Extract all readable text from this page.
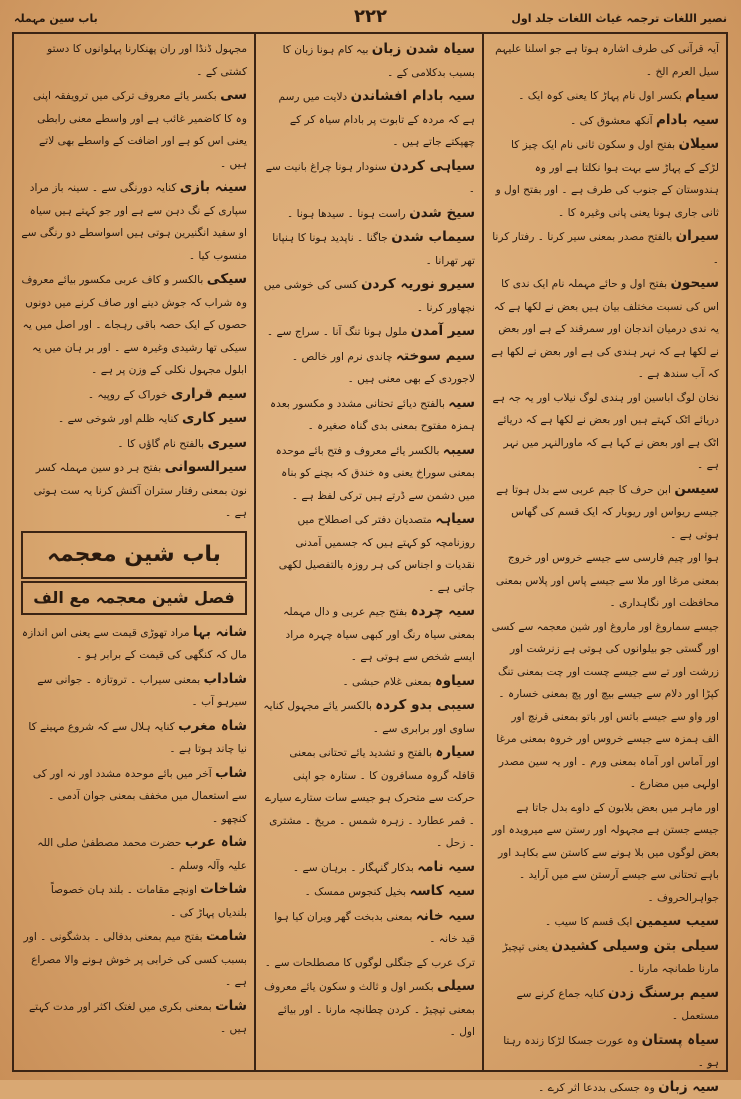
نصیر اللغات ترجمہ غیاث اللغات جلد اول
۲۲۲
باب سین مہملہ
آیہ قرآنی کی طرف اشارہ ہوتا ہے جو اسلنا علیہم سیل العرم الخ ۔
سیام بکسر اول نام پہاڑ کا یعنی کوہ ایک ۔
سیہ بادام آنکھ معشوق کی ۔
سیلان بفتح اول و سکون ثانی نام ایک چیز کا لڑکے کے پہاڑ سے بہت ہوا نکلتا ہے اور وہ ہندوستان کے جنوب کی طرف ہے ۔ اور بفتح اول و ثانی جاری ہونا یعنی پانی وغیرہ کا ۔
سیران بالفتح مصدر بمعنی سیر کرنا ۔ رفتار کرنا ۔
سیحون بفتح اول و حائے مہملہ نام ایک ندی کا اس کی نسبت مختلف بیان ہیں بعض نے لکھا ہے کہ یہ ندی درمیان اندجان اور سمرقند کے ہے اور بعض نے لکھا ہے کہ نہر ہندی کی ہے اور بعض نے لکھا ہے کہ آب سندھ ہے ۔
نخان لوگ اباسین اور ہندی لوگ نیلاب اور یہ جہ ہے دریائے اٹک کہتے ہیں اور بعض نے لکھا ہے کہ دریائے اٹک ہے اور بعض نے کہا ہے کہ ماورالنہر میں نہر ہے ۔
سیسن ابن حرف کا جیم عربی سے بدل ہوتا ہے جیسے ریواس اور ریوبار کہ ایک قسم کی گھاس ہوتی ہے ۔
ہوا اور چیم فارسی سے جیسے خروس اور خروج بمعنی مرغا اور ملا سے جیسے پاس اور پلاس بمعنی محافظت اور نگاہداری ۔
جیسے سماروغ اور ماروغ اور شین معجمہ سے کسی اور گستی جو بیلوانوں کی ہوتی ہے زنرشت اور زرشت اور تے سے جیسے چست اور چت بمعنی تنگ کپڑا اور دلام سے جیسے بیچ اور پچ بمعنی خسارہ ۔ اور واو سے جیسے باتس اور باتو بمعنی قرنچ اور الف ہمزہ سے جیسے خروس اور خروہ بمعنی مرغا اور آماس اور آماہ بمعنی ورم ۔ اور یہ سین مصدر اولہی میں مضارع ۔
اور ماہر میں بعض بلابون کے داوے بدل جاتا ہے جیسے جستن ہے مجہولہ اور رستن سے میرویدہ اور بعض لوگوں میں بلا ہونے سے کاستن سے بکاہد اور باہے تحتانی سے جیسے آرستن سے میں آراید ۔ جواہرالحروف ۔
سیب سیمین ایک قسم کا سیب ۔
سیلی بتن وسیلی کشیدن یعنی تپچیڑ مارنا طمانچہ مارنا ۔
سیم برسنگ زدن کنایہ جماع کرنے سے مستعمل ۔
سیاہ پستان وہ عورت جسکا لڑکا زندہ رہتا ہو ۔
سیہ زبان وہ جسکی بددعا اثر کرے ۔
سیاہ شدن زبان بیہ کام ہونا زبان کا بسبب بدکلامی کے ۔
سیہ بادام افشاندن دلایت میں رسم ہے کہ مردہ کے تابوت پر بادام سیاہ کر کے چھپکتے جاتے ہیں ۔
سیاہی کردن سنودار ہونا چراغ بانیت سے ۔
سیخ شدن راست ہونا ۔ سیدھا ہونا ۔
سیماب شدن جاگنا ۔ ناپدید ہونا کا ہنپانا تھر تھرانا ۔
سیرو نوریہ کردن کسی کی خوشی میں نچھاور کرنا ۔
سیر آمدن ملول ہونا تنگ آنا ۔ سراج سے ۔
سیم سوختہ چاندی نرم اور خالص ۔ لاجوردی کے بھی معنی ہیں ۔
سیہ بالفتح دیائے تحتانی مشدد و مکسور بعدہ ہمزہ مفتوح بمعنی بدی گناہ صغیرہ ۔
سیبہ بالکسر یائے معروف و فتح بائے موحدہ بمعنی سوراخ یعنی وہ خندق کہ بچنے کو بناہ میں دشمن سے ڈرتے ہیں ترکی لفظ ہے ۔
سیاہہ متصدیان دفتر کی اصطلاح میں روزنامچہ کو کہتے ہیں کہ جسمیں آمدنی نقدیات و اجناس کی ہر روزہ بالتفصیل لکھی جاتی ہے ۔
سیہ چردہ بفتح جیم عربی و دال مہملہ بمعنی سیاہ رنگ اور کبھی سیاہ چہرہ مراد ایسے شخص سے ہوتی ہے ۔
سیاوہ بمعنی غلام حبشی ۔
سیبی بدو کردہ بالکسر یائے مجہول کنایہ ساوی اور برابری سے ۔
سیارہ بالفتح و تشدید یائے تحتانی بمعنی قافلہ گروہ مسافرون کا ۔ ستارہ جو اپنی حرکت سے متحرک ہو جیسے سات ستارے سیارے ۔ قمر عطارد ۔ زہرہ شمس ۔ مریخ ۔ مشتری ۔ زحل ۔
سیہ نامہ بدکار گنہگار ۔ برہان سے ۔
سیہ کاسہ بخیل کنجوس ممسک ۔
سیہ خانہ بمعنی بدبخت گھر ویران کیا ہوا قید خانہ ۔
ترک عرب کے جنگلی لوگوں کا مصطلحات سے ۔
سیلی بکسر اول و ثالث و سکون یائے معروف بمعنی تپچیڑ ۔ کردن چطانچہ مارنا ۔ اور بیائے اول ۔
مجہول ڈنڈا اور ران پھنکارنا پہلوانوں کا دستو کشتی کے ۔
سی بکسر یائے معروف ترکی میں ترویفقہ اپنی وہ کا کاضمیر غائب ہے اور واسطے معنی رابطی یعنی اس کو ہے اور اضافت کے واسطے بھی لاتے ہیں ۔
سینہ بازی کنایہ دورنگی سے ۔ سینہ باز مراد سپاری کے نگ دہن سے ہے اور جو کہتے ہیں سیاہ او سفید انگنیرین ہوتی ہیں اسواسطے دو رنگی سے منسوب کیا ۔
سیکی بالکسر و کاف عربی مکسور بیائے معروف وہ شراب کہ جوش دینے اور صاف کرنے میں دونوں حصوں کے ایک حصہ باقی رہجاے ۔ اور اصل میں یہ سیکی تھا رشیدی وغیرہ سے ۔ اور بر ہان میں یہ ابلول مجہول نکلی کے وزن پر ہے ۔
سیم قراری خوراک کے روپیہ ۔
سیر کاری کنایہ ظلم اور شوخی سے ۔
سیری بالفتح نام گاؤں کا ۔
سیرالسوانی بفتح ہر دو سین مہملہ کسر نون بمعنی رفتار ستران آکنش کرنا یہ ست ہوتی ہے ۔
باب شین معجمہ
فصل شین معجمہ مع الف
شانہ بہا مراد تھوڑی قیمت سے یعنی اس اندازہ مال کہ کنگھی کی قیمت کے برابر ہو ۔
شاداب بمعنی سیراب ۔ تروتازہ ۔ جوانی سے سیرہو آب ۔
شاہ مغرب کنایہ ہلال سے کہ شروع مہینے کا نیا چاند ہوتا ہے ۔
شاب آخر میں بائے موحدہ مشدد اور نہ اور کی سے استعمال میں مخفف بمعنی جوان آدمی ۔ کنچھو ۔
شاہ عرب حضرت محمد مصطفیٰ صلی اللہ علیہ وآلہ وسلم ۔
شاخات اونچے مقامات ۔ بلند ہان خصوصاً بلندیاں پہاڑ کی ۔
شامت بفتح میم بمعنی بدفالی ۔ بدشگونی ۔ اور بسبب کسی کی خرابی پر خوش ہونے والا مصراع ہے ۔
شات بمعنی بکری میں لغتک اکثر اور مدت کہتے ہیں ۔
